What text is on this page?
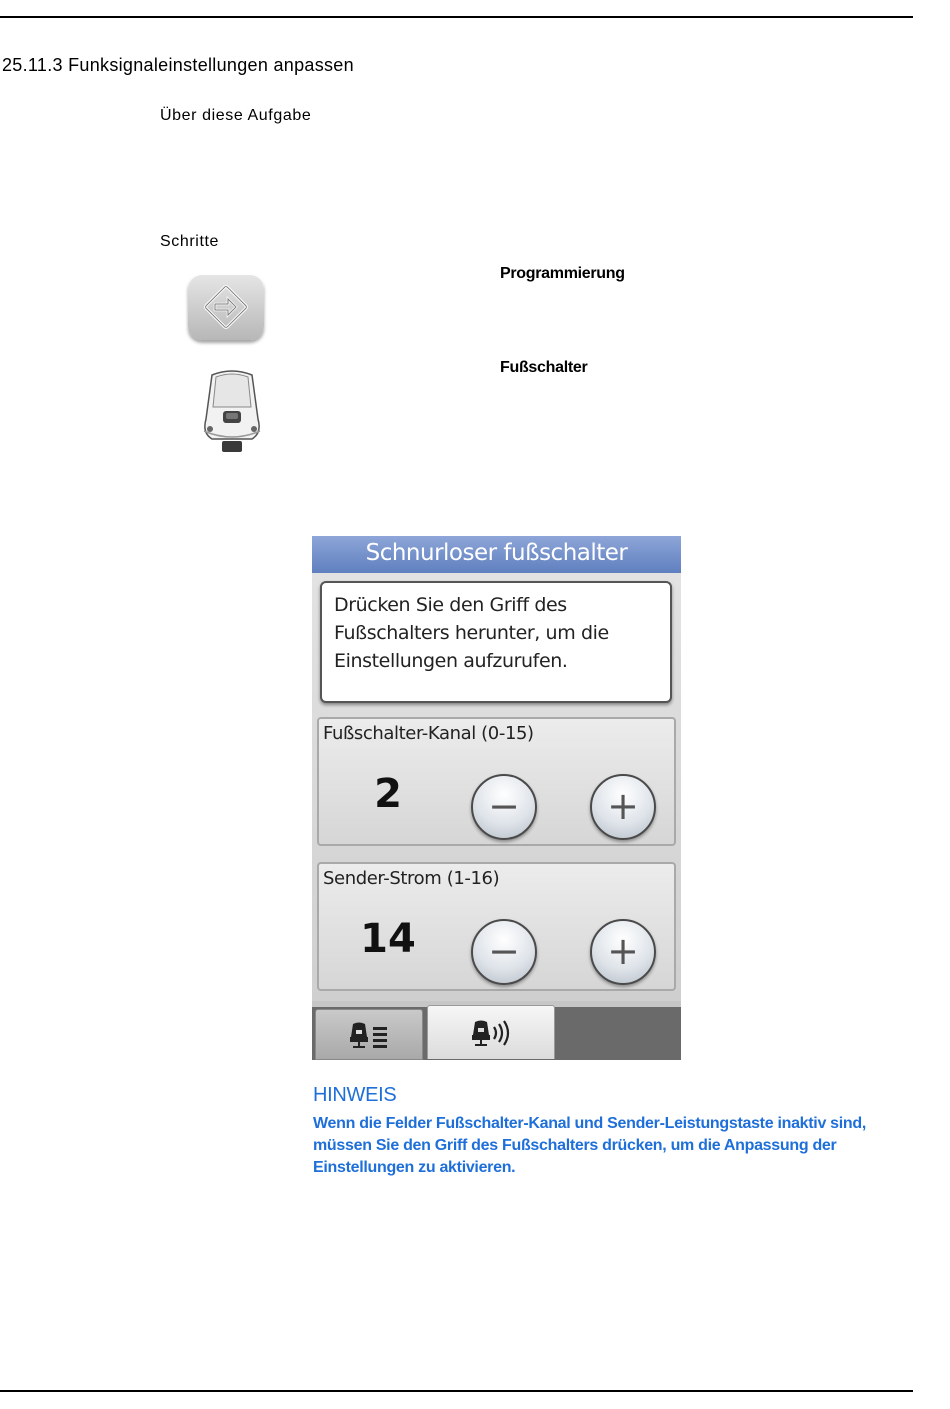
25.11.3 Funksignaleinstellungen anpassen
Über diese Aufgabe
Schritte
Programmierung
Fußschalter
Schnurloser fußschalter
Drücken Sie den Griff des Fußschalters herunter, um die Einstellungen aufzurufen.
Fußschalter-Kanal (0-15)
2	−	+
Sender-Strom (1-16)
14	−	+
HINWEIS
Wenn die Felder Fußschalter-Kanal und Sender-Leistungstaste inaktiv sind, müssen Sie den Griff des Fußschalters drücken, um die Anpassung der Einstellungen zu aktivieren.
